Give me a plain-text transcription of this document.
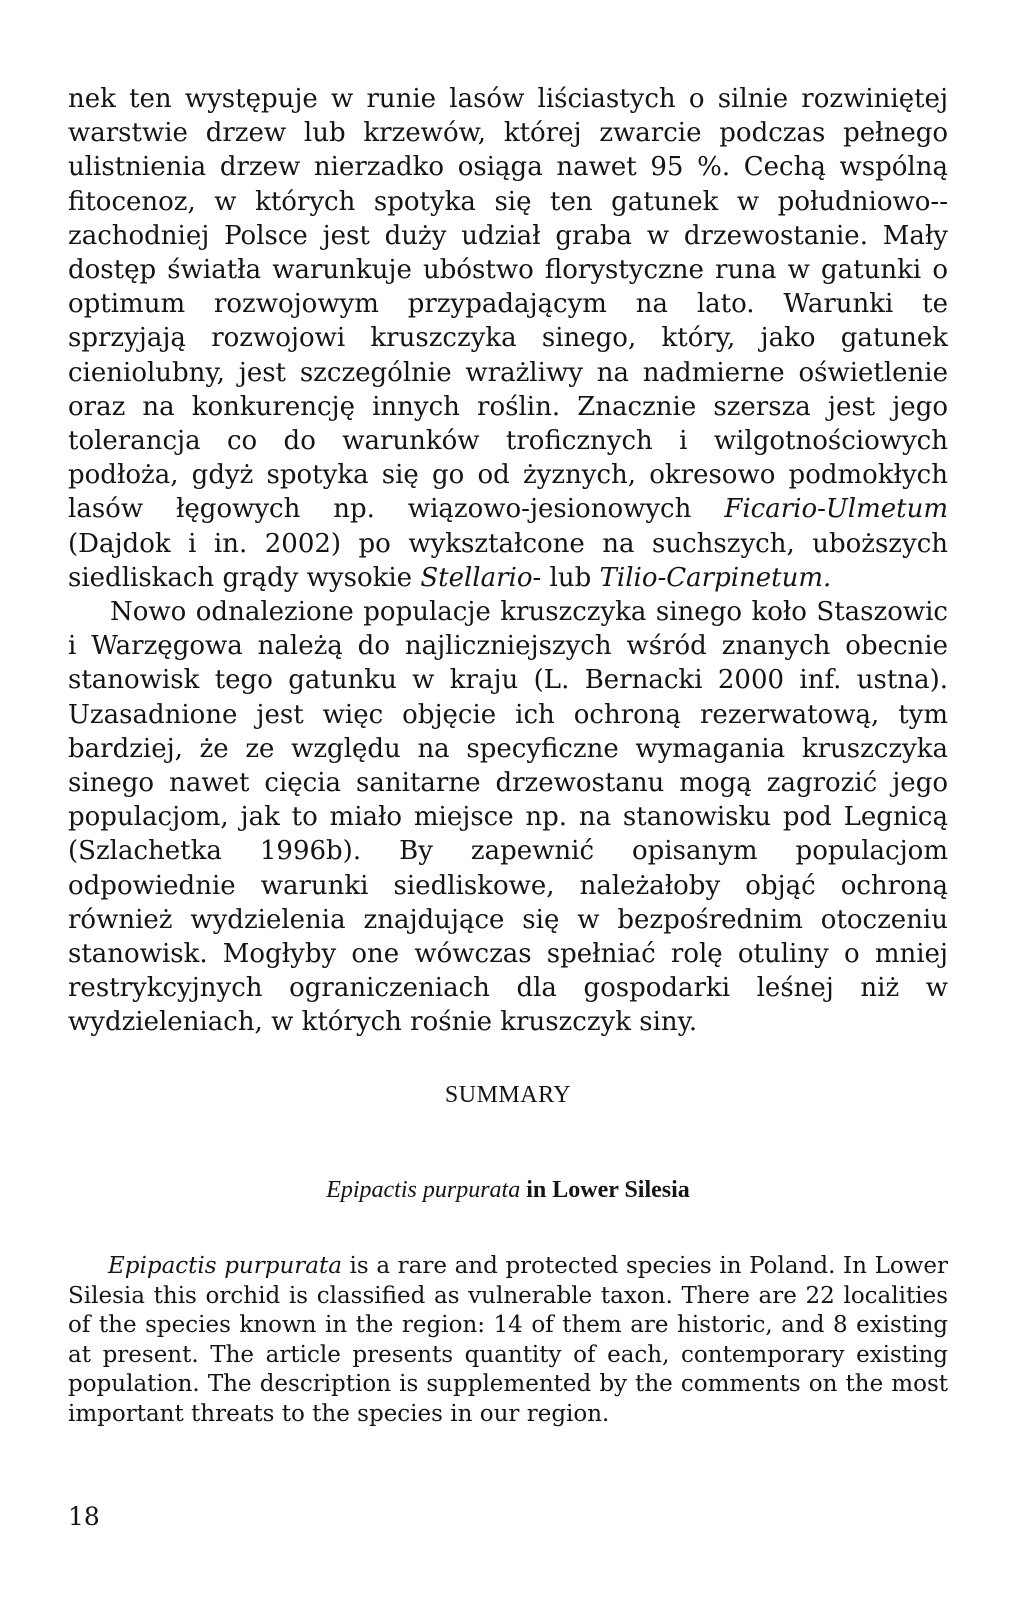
nek ten występuje w runie lasów liściastych o silnie rozwiniętej warstwie drzew lub krzewów, której zwarcie podczas pełnego ulistnienia drzew nierzadko osiąga nawet 95 %. Cechą wspólną fitocenoz, w których spotyka się ten gatunek w południowo--zachodniej Polsce jest duży udział graba w drzewostanie. Mały dostęp światła warunkuje ubóstwo florystyczne runa w gatunki o optimum rozwojowym przypadającym na lato. Warunki te sprzyjają rozwojowi kruszczyka sinego, który, jako gatunek cieniolubny, jest szczególnie wrażliwy na nadmierne oświetlenie oraz na konkurencję innych roślin. Znacznie szersza jest jego tolerancja co do warunków troficznych i wilgotnościowych podłoża, gdyż spotyka się go od żyznych, okresowo podmokłych lasów łęgowych np. wiązowo-jesionowych Ficario-Ulmetum (Dajdok i in. 2002) po wykształcone na suchszych, uboższych siedliskach grądy wysokie Stellario- lub Tilio-Carpinetum.

Nowo odnalezione populacje kruszczyka sinego koło Staszowic i Warzęgowa należą do najliczniejszych wśród znanych obecnie stanowisk tego gatunku w kraju (L. Bernacki 2000 inf. ustna). Uzasadnione jest więc objęcie ich ochroną rezerwatową, tym bardziej, że ze względu na specyficzne wymagania kruszczyka sinego nawet cięcia sanitarne drzewostanu mogą zagrozić jego populacjom, jak to miało miejsce np. na stanowisku pod Legnicą (Szlachetka 1996b). By zapewnić opisanym populacjom odpowiednie warunki siedliskowe, należałoby objąć ochroną również wydzielenia znajdujące się w bezpośrednim otoczeniu stanowisk. Mogłyby one wówczas spełniać rolę otuliny o mniej restrykcyjnych ograniczeniach dla gospodarki leśnej niż w wydzieleniach, w których rośnie kruszczyk siny.

SUMMARY

Epipactis purpurata in Lower Silesia

Epipactis purpurata is a rare and protected species in Poland. In Lower Silesia this orchid is classified as vulnerable taxon. There are 22 localities of the species known in the region: 14 of them are historic, and 8 existing at present. The article presents quantity of each, contemporary existing population. The description is supplemented by the comments on the most important threats to the species in our region.

18
